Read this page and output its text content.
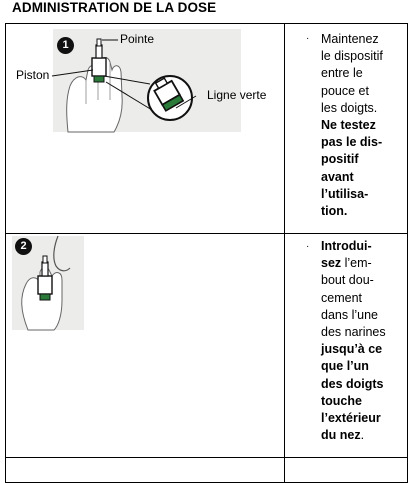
ADMINISTRATION DE LA DOSE
1	Pointe
Piston
Ligne verte
· Maintenez
le dispositif
entre le
pouce et
les doigts.
Ne testez
pas le dis-
positif
avant
l’utilisa-
tion.
2	· Introdui-
sez l’em-
bout dou-
cement
dans l’une
des narines
jusqu’à ce
que l’un
des doigts
touche
l’extérieur
du nez.
